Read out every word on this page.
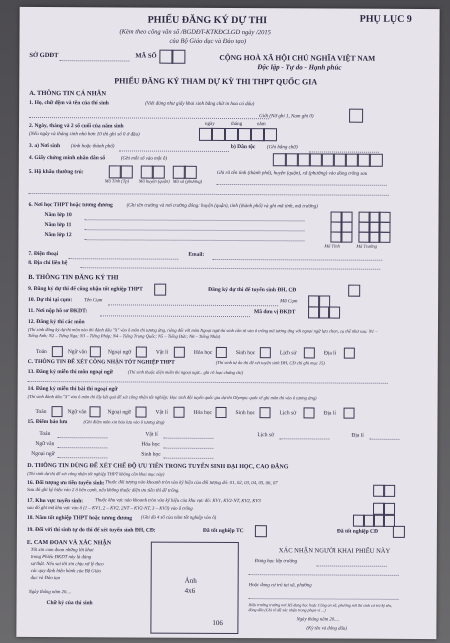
PHIẾU ĐĂNG KÝ DỰ THI	PHỤ LỤC 9
(Kèm theo công văn số /BGDĐT-KTKĐCLGD ngày /2015
của Bộ Giáo dục và Đào tạo)
SỞ GDĐT	MÃ SỐ	CỘNG HOÀ XÃ HỘI CHỦ NGHĨA VIỆT NAM
Độc lập - Tự do - Hạnh phúc
PHIẾU ĐĂNG KÝ THAM DỰ KỲ THI THPT QUỐC GIA
A. THÔNG TIN CÁ NHÂN
1. Họ, chữ đệm và tên của thí sinh	(Viết đúng như giấy khai sinh bằng chữ in hoa có dấu)
Giới (Nữ ghi 1, Nam ghi 0)
2. Ngày, tháng và 2 số cuối của năm sinh
(Nếu ngày và tháng sinh nhỏ hơn 10 thì ghi số 0 ở đầu)
ngày	tháng	năm
3. a) Nơi sinh (tỉnh hoặc thành phố)	b) Dân tộc (Ghi bằng chữ)
4. Giấy chứng minh nhân dân số	(Ghi mỗi số vào một ô)
5. Hộ khẩu thường trú:	Ghi rõ tên tỉnh (thành phố), huyện (quận), xã (phường) vào dòng trống sau
Mã Tỉnh (Tp) Mã huyện (quận) Mã xã (phường)
6. Nơi học THPT hoặc tương đương	(Ghi tên trường và nơi trường đóng: huyện (quận), tỉnh (thành phố) và ghi mã tỉnh, mã trường)
Năm lớp 10
Năm lớp 11
Năm lớp 12
Mã Tỉnh	Mã Trường
7. Điện thoại	Email:
8. Địa chỉ liên hệ
B. THÔNG TIN ĐĂNG KÝ THI
9. Đăng ký dự thi để công nhận tốt nghiệp THPT	Đăng ký dự thi để tuyển sinh ĐH, CĐ
10. Dự thi tại cụm: Tên Cụm	Mã Cụm
11. Nơi nộp hồ sơ ĐKDT:	Mã đơn vị ĐKDT
12. Đăng ký thi các môn
(Thí sinh đăng ký dự thi môn nào thì đánh dấu "X" vào ô môn thi tương ứng, riêng đối với môn Ngoại ngữ thí sinh cần tô vào ô trống mã tương ứng với ngoại ngữ lựa chọn, cụ thể như sau: N1 – Tiếng Anh; N2 – Tiếng Nga; N3 – Tiếng Pháp; N4 – Tiếng Trung Quốc; N5 – Tiếng Đức; N6 – Tiếng Nhật)
Toán	Ngữ văn	Ngoại ngữ	Vật lí	Hóa học	Sinh học	Lịch sử	Địa lí
C. THÔNG TIN ĐỂ XÉT CÔNG NHẬN TỐT NGHIỆP THPT	(Thí sinh tự do thi để xét tuyển sinh ĐH, CĐ chỉ ghi mục 15)
13. Đăng ký miễn thi môn ngoại ngữ	(Thí sinh thuộc diện miễn thi ngoại ngữ... ghi rõ loại chứng chỉ)
14. Đăng ký miễn thi bài thi ngoại ngữ
(Thí sinh đánh dấu "X" vào ô môn thi lấy kết quả để xét công nhận tốt nghiệp; Học sinh đội tuyển quốc gia dự thi Olympic quốc tế ghi môn thi vào ô tương ứng)
Toán	Ngữ văn	Ngoại ngữ	Vật lí	Hóa học	Sinh học	Lịch sử	Địa lí
15. Điểm bảo lưu	(Ghi điểm môn xin bảo lưu vào ô tương ứng)
Toán	Vật lí	Lịch sử
Ngữ văn	Hóa học
Địa lí
Ngoại ngữ	Sinh học
D. THÔNG TIN DÙNG ĐỂ XÉT CHẾ ĐỘ ƯU TIÊN TRONG TUYỂN SINH ĐẠI HỌC, CAO ĐẲNG
(Thí sinh dự thi để xét công nhận tốt nghiệp THPT không cần khai mục này)
16. Đối tượng ưu tiên tuyển sinh: Thuộc đối tượng nào khoanh tròn vào ký hiệu của đối tượng đó: 01, 02, 03, 04, 05, 06, 07
Sau đó ghi ký hiệu vào 2 ô bên cạnh, nếu không thuộc diện ưu tiên thì để trống.
17. Khu vực tuyển sinh: Thuộc khu vực nào khoanh tròn vào ký hiệu của khu vực đó: KV1, KV2-NT, KV2, KV3
sau đó ghi mã khu vực vào ô (1 – KV1, 2 – KV2, 2NT – KV2-NT, 3 – KV3) vào ô trống
18. Năm tốt nghiệp THPT hoặc tương đương (Ghi đủ 4 số của năm tốt nghiệp vào ô)
19. Đối với thí sinh tự do thi để xét tuyển sinh ĐH, CĐ:	Đã tốt nghiệp TC	Đã tốt nghiệp CĐ
E. CAM ĐOAN VÀ XÁC NHẬN
Tôi xin cam đoan những lời khai
trong Phiếu ĐKDT này là đúng
sự thật. Nếu sai tôi xin chịu xử lý theo
các quy định hiện hành của Bộ Giáo
dục và Đào tạo
Ngày tháng năm 20....
Chữ ký của thí sinh
Ảnh
4x6
106
XÁC NHẬN NGƯỜI KHAI PHIẾU NÀY
Đang học lớp trường
Hoặc đang cư trú tại xã, phường
Hiệu trưởng trường nơi HS đang học hoặc Công an xã, phường nơi thí sinh cư trú ký tên, đóng dấu (Ghi rõ đã xác nhận trong phạm vi ...)
Ngày tháng năm 20....
(Ký tên và đóng dấu)
